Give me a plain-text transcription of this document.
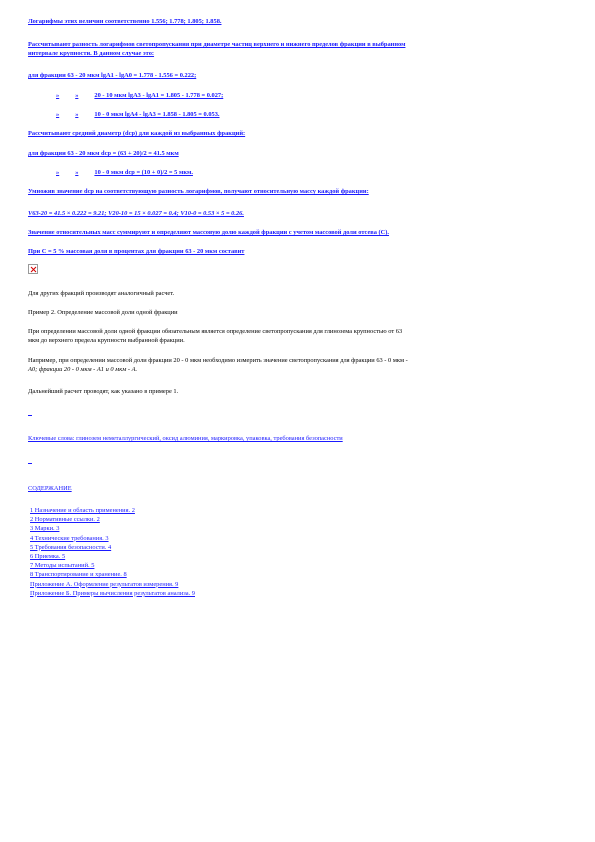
Логарифмы этих величин соответственно 1.556; 1.778; 1.805; 1.858.

Рассчитывают разность логарифмов светопропускания при диаметре частиц верхнего и нижнего пределов фракции в выбранном
интервале крупности. В данном случае это:

для фракции 63 - 20 мкм lgA1 - lgA0 = 1.778 - 1.556 = 0.222;

»	»	20 - 10 мкм lgA3 - lgA1 = 1.805 - 1.778 = 0.027;

»	»	10 - 0 мкм lgA4 - lgA3 = 1.858 - 1.805 = 0.053.

Рассчитывают средний диаметр (dср) для каждой из выбранных фракций:

для фракции 63 - 20 мкм dср = (63 + 20)/2 = 41.5 мкм

»	»	10 - 0 мкм dср = (10 + 0)/2 = 5 мкм.

Умножив значение dср на соответствующую разность логарифмов, получают относительную массу каждой фракции:

V63-20 = 41.5 × 0.222 = 9.21; V20-10 = 15 × 0.027 = 0.4; V10-0 = 0.53 × 5 = 0.26.

Значение относительных масс суммируют и определяют массовую долю каждой фракции с учетом массовой доли отсева (С).

При С = 5 % массовая доля в процентах для фракции 63 - 20 мкм составит

Для других фракций производят аналогичный расчет.

Пример 2. Определение массовой доли одной фракции

При определении массовой доли одной фракции обязательным является определение светопропускания для глинозема крупностью от 63
мкм до верхнего предела крупности выбранной фракции.

Например, при определении массовой доли фракции 20 - 0 мкм необходимо измерить значение светопропускания для фракции 63 - 0 мкм -
A0; фракции 20 - 0 мкм - A1 и 0 мкм - A.

Дальнейший расчет проводят, как указано в примере 1.

Ключевые слова: глинозем неметаллургический, оксид алюминия, маркировка, упаковка, требования безопасности

СОДЕРЖАНИЕ

1 Назначение и область применения. 2
2 Нормативные ссылки. 2
3 Марки. 3
4 Технические требования. 3
5 Требования безопасности. 4
6 Приемка. 5
7 Методы испытаний. 5
8 Транспортирование и хранение. 8
Приложение А. Оформление результатов измерения. 9
Приложение Б. Примеры вычисления результатов анализа. 9
